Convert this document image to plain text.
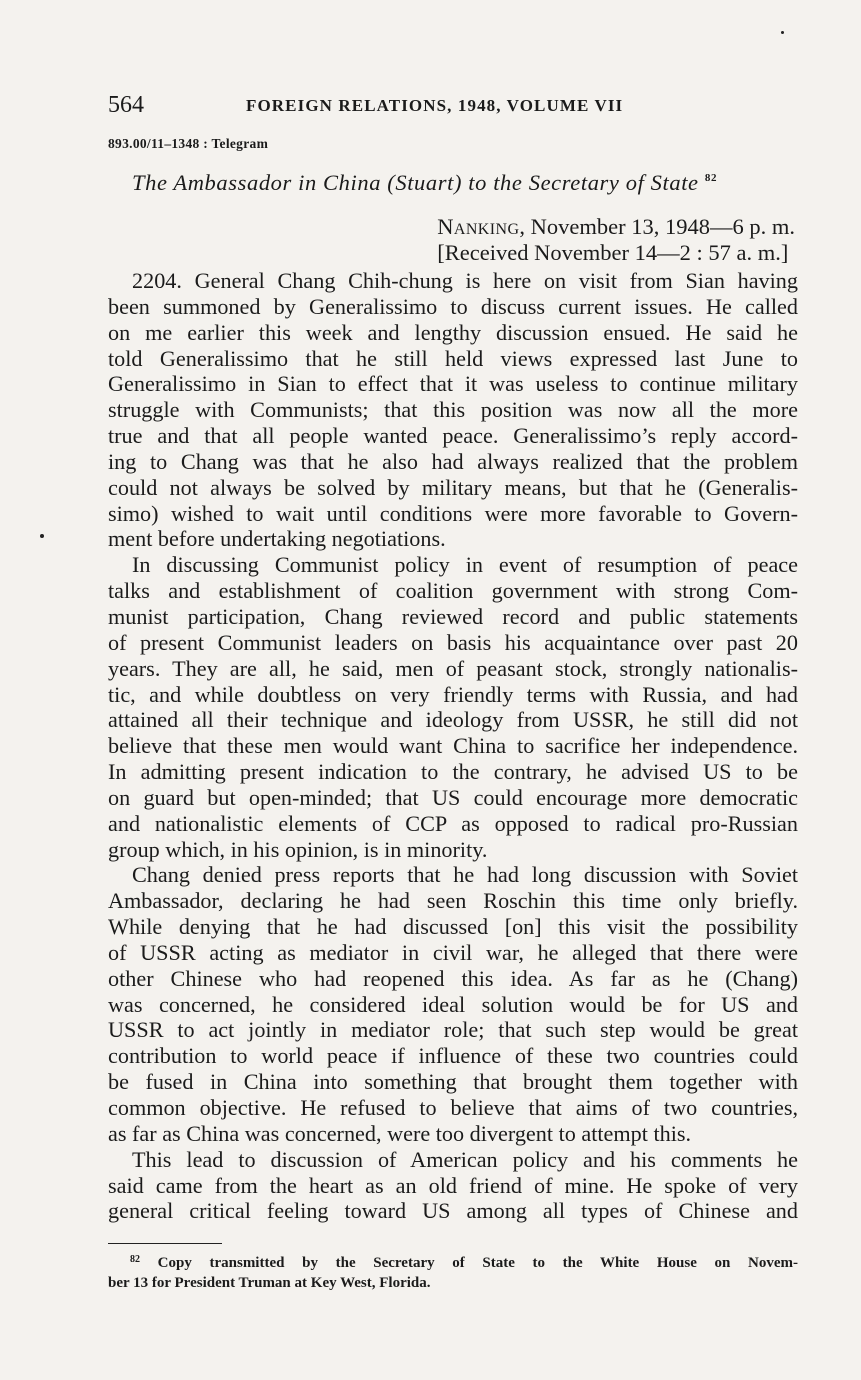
564	FOREIGN RELATIONS, 1948, VOLUME VII
893.00/11–1348 : Telegram
The Ambassador in China (Stuart) to the Secretary of State $^{82}$
Nanking, November 13, 1948—6 p. m.
[Received November 14—2 : 57 a. m.]
2204. General Chang Chih-chung is here on visit from Sian having
been summoned by Generalissimo to discuss current issues. He called
on me earlier this week and lengthy discussion ensued. He said he
told Generalissimo that he still held views expressed last June to
Generalissimo in Sian to effect that it was useless to continue military
struggle with Communists; that this position was now all the more
true and that all people wanted peace. Generalissimo’s reply accord-
ing to Chang was that he also had always realized that the problem
could not always be solved by military means, but that he (Generalis-
simo) wished to wait until conditions were more favorable to Govern-
ment before undertaking negotiations.
In discussing Communist policy in event of resumption of peace
talks and establishment of coalition government with strong Com-
munist participation, Chang reviewed record and public statements
of present Communist leaders on basis his acquaintance over past 20
years. They are all, he said, men of peasant stock, strongly nationalis-
tic, and while doubtless on very friendly terms with Russia, and had
attained all their technique and ideology from USSR, he still did not
believe that these men would want China to sacrifice her independence.
In admitting present indication to the contrary, he advised US to be
on guard but open-minded; that US could encourage more democratic
and nationalistic elements of CCP as opposed to radical pro-Russian
group which, in his opinion, is in minority.
Chang denied press reports that he had long discussion with Soviet
Ambassador, declaring he had seen Roschin this time only briefly.
While denying that he had discussed [on] this visit the possibility
of USSR acting as mediator in civil war, he alleged that there were
other Chinese who had reopened this idea. As far as he (Chang)
was concerned, he considered ideal solution would be for US and
USSR to act jointly in mediator role; that such step would be great
contribution to world peace if influence of these two countries could
be fused in China into something that brought them together with
common objective. He refused to believe that aims of two countries,
as far as China was concerned, were too divergent to attempt this.
This lead to discussion of American policy and his comments he
said came from the heart as an old friend of mine. He spoke of very
general critical feeling toward US among all types of Chinese and
$^{82}$ Copy transmitted by the Secretary of State to the White House on Novem-
ber 13 for President Truman at Key West, Florida.
